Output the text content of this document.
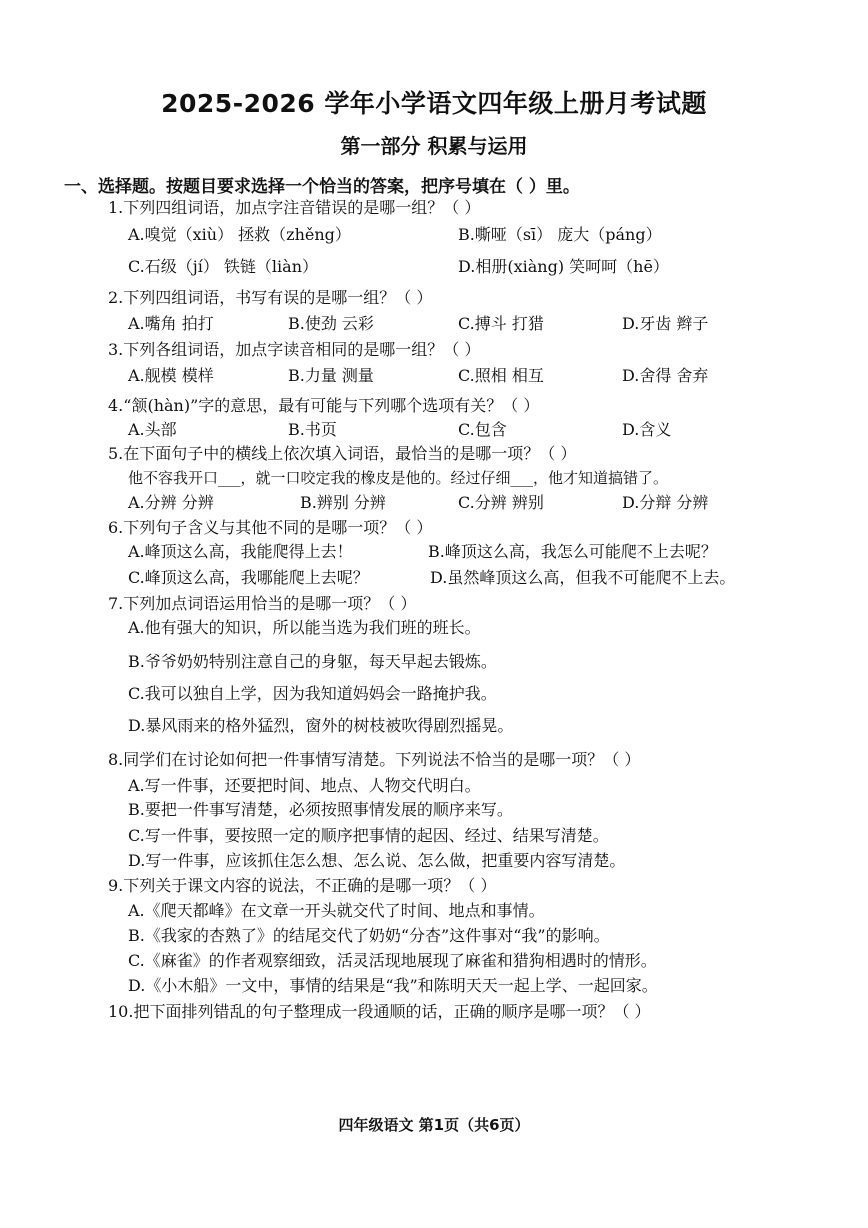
2025-2026 学年小学语文四年级上册月考试题
第一部分 积累与运用
一、选择题。按题目要求选择一个恰当的答案，把序号填在（ ）里。
1.下列四组词语，加点字注音错误的是哪一组？（ ）
A.嗅觉（xiù） 拯救（zhěng）	B.嘶哑（sī） 庞大（páng）
C.石级（jí） 铁链（liàn）	D.相册(xiàng) 笑呵呵（hē）
2.下列四组词语，书写有误的是哪一组？（ ）
A.嘴角 拍打	B.使劲 云彩	C.搏斗 打猎	D.牙齿 辫子
3.下列各组词语，加点字读音相同的是哪一组？（ ）
A.舰模 模样	B.力量 测量	C.照相 相互	D.舍得 舍弃
4.“颔(hàn)”字的意思，最有可能与下列哪个选项有关？（ ）
A.头部	B.书页	C.包含	D.含义
5.在下面句子中的横线上依次填入词语，最恰当的是哪一项？（ ）
他不容我开口___，就一口咬定我的橡皮是他的。经过仔细___，他才知道搞错了。
A.分辨 分辨	B.辨别 分辨	C.分辨 辨别	D.分辩 分辨
6.下列句子含义与其他不同的是哪一项？（ ）
A.峰顶这么高，我能爬得上去！	B.峰顶这么高，我怎么可能爬不上去呢？
C.峰顶这么高，我哪能爬上去呢？	D.虽然峰顶这么高，但我不可能爬不上去。
7.下列加点词语运用恰当的是哪一项？（ ）
A.他有强大的知识，所以能当选为我们班的班长。
B.爷爷奶奶特别注意自己的身躯，每天早起去锻炼。
C.我可以独自上学，因为我知道妈妈会一路掩护我。
D.暴风雨来的格外猛烈，窗外的树枝被吹得剧烈摇晃。
8.同学们在讨论如何把一件事情写清楚。下列说法不恰当的是哪一项？（ ）
A.写一件事，还要把时间、地点、人物交代明白。
B.要把一件事写清楚，必须按照事情发展的顺序来写。
C.写一件事，要按照一定的顺序把事情的起因、经过、结果写清楚。
D.写一件事，应该抓住怎么想、怎么说、怎么做，把重要内容写清楚。
9.下列关于课文内容的说法，不正确的是哪一项？（ ）
A.《爬天都峰》在文章一开头就交代了时间、地点和事情。
B.《我家的杏熟了》的结尾交代了奶奶“分杏”这件事对“我”的影响。
C.《麻雀》的作者观察细致，活灵活现地展现了麻雀和猎狗相遇时的情形。
D.《小木船》一文中，事情的结果是“我”和陈明天天一起上学、一起回家。
10.把下面排列错乱的句子整理成一段通顺的话，正确的顺序是哪一项？（ ）
四年级语文 第1页（共6页）
